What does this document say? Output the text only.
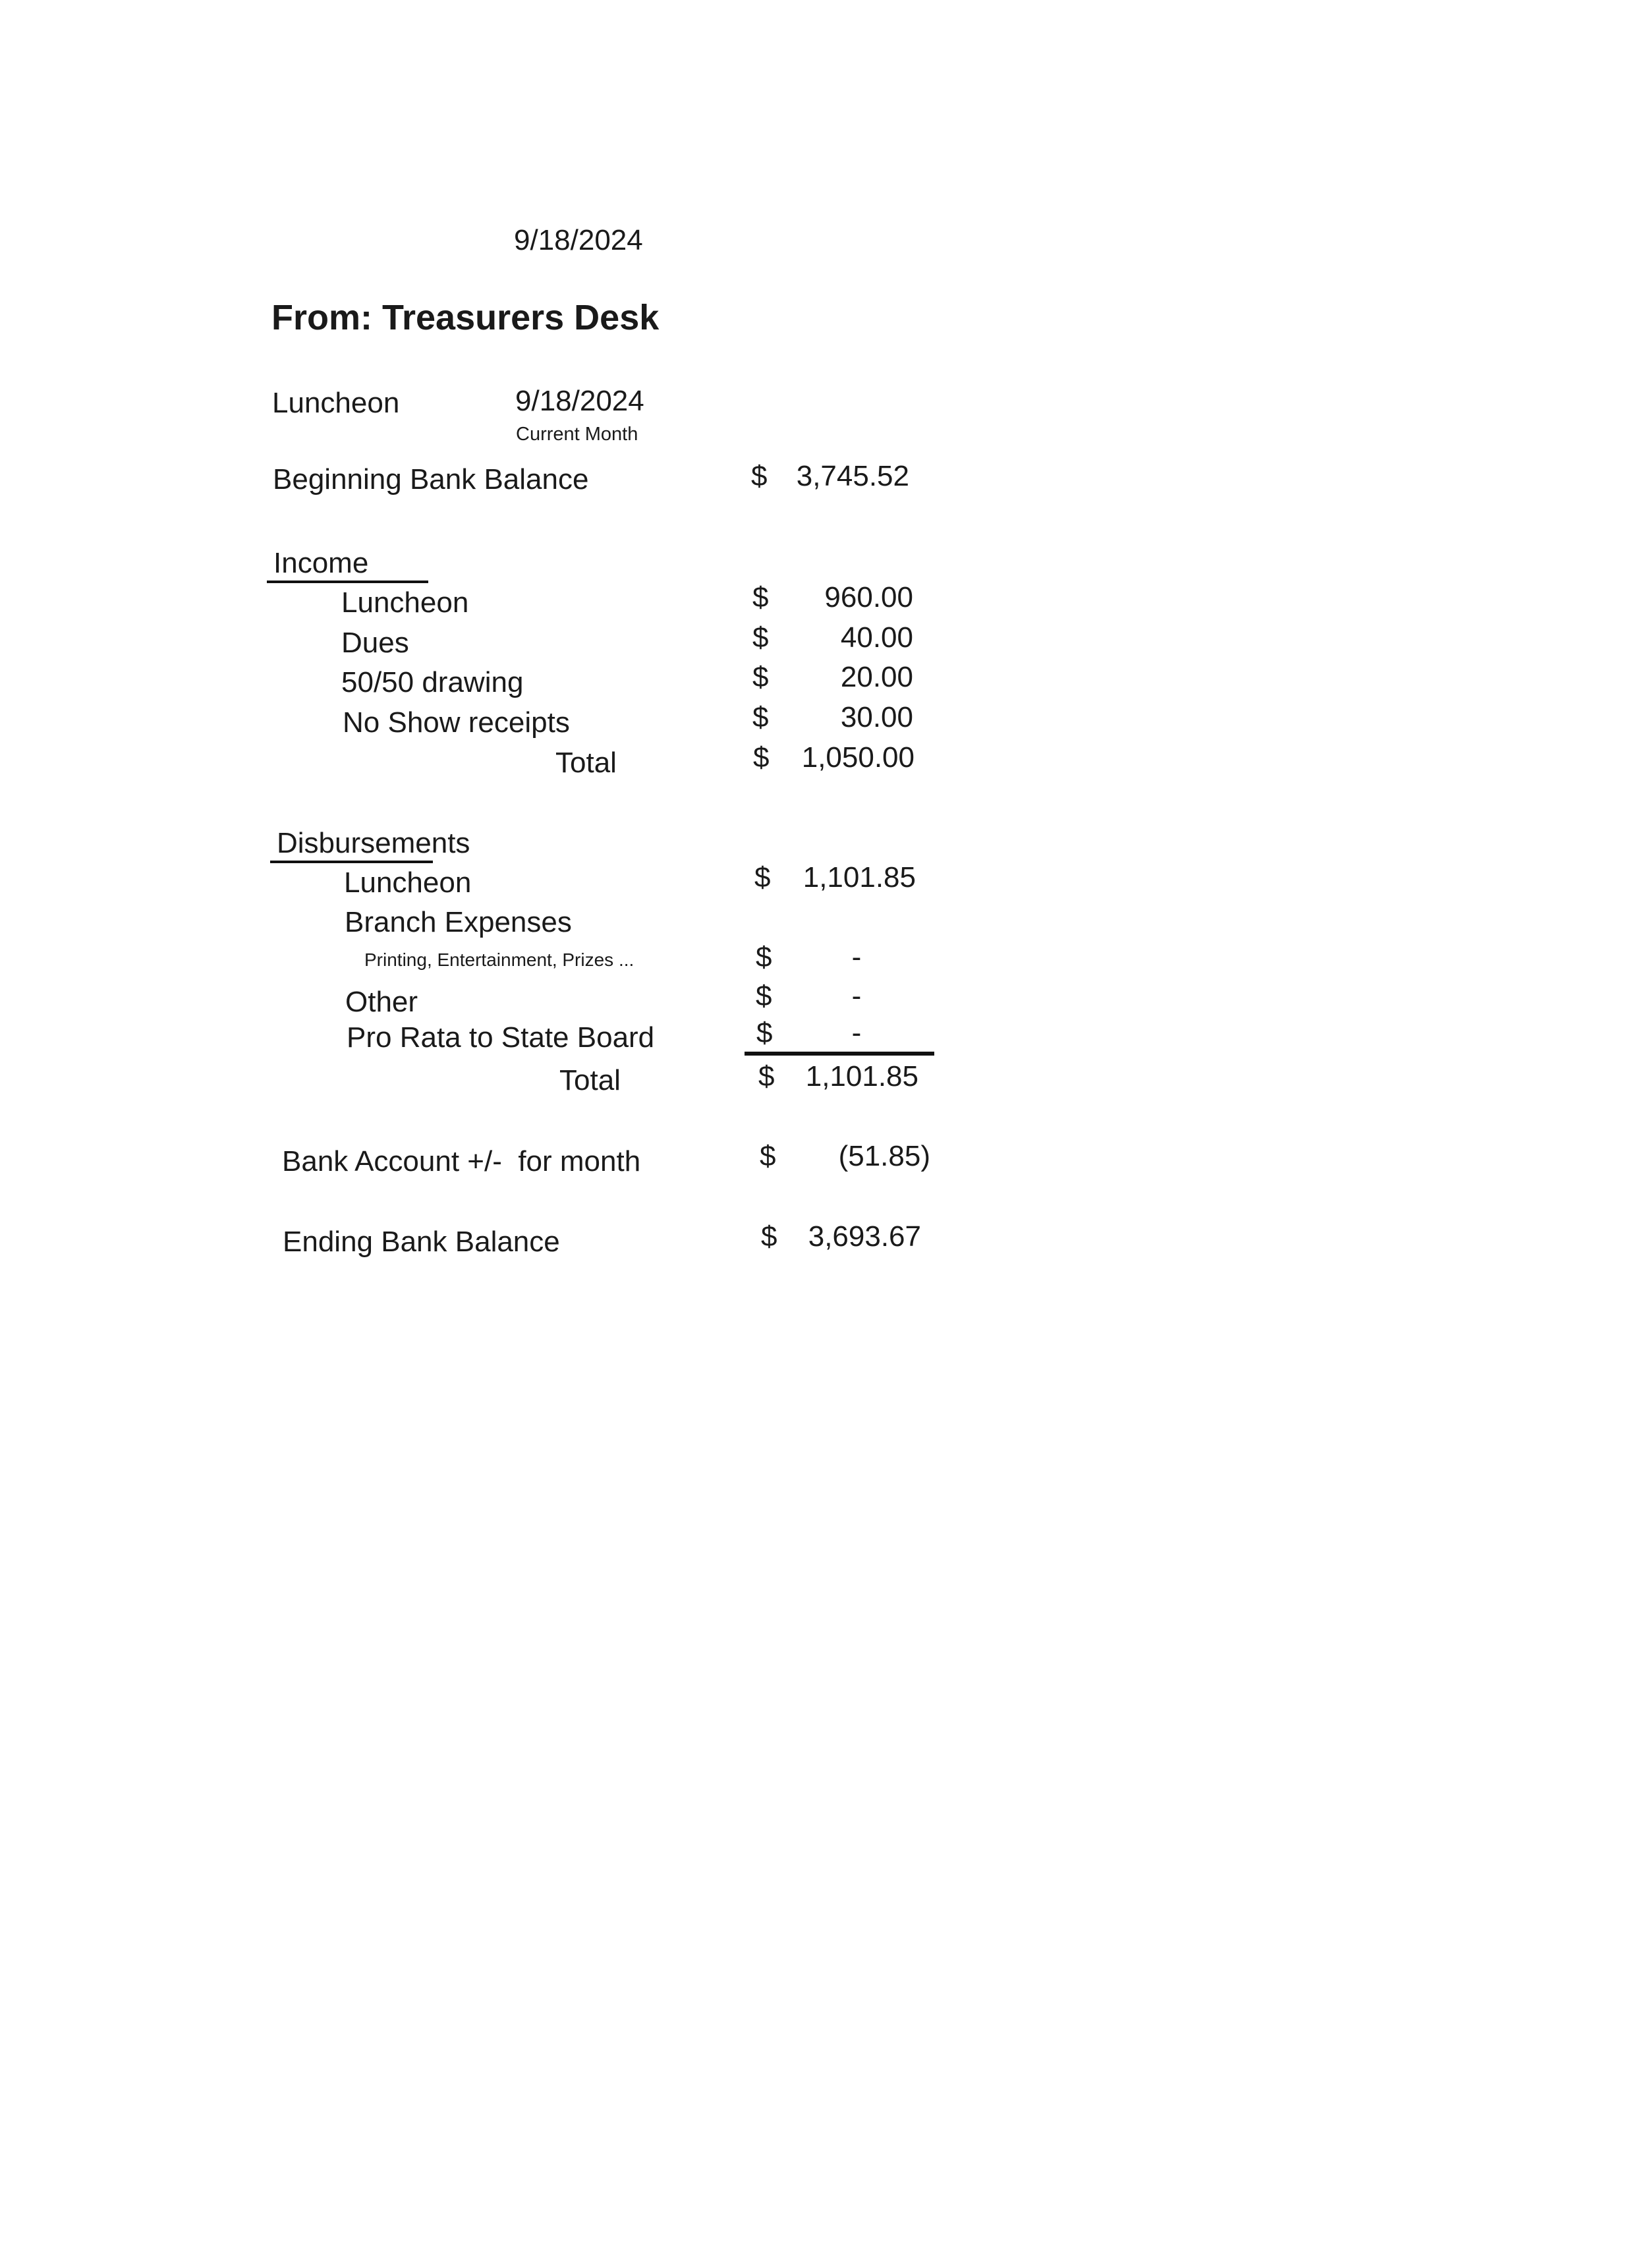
9/18/2024
From: Treasurers Desk
Luncheon	9/18/2024
Current Month
Beginning Bank Balance	$	3,745.52
Income
Luncheon	$	960.00
Dues	$	40.00
50/50 drawing	$	20.00
No Show receipts	$	30.00
Total	$	1,050.00
Disbursements
Luncheon	$	1,101.85
Branch Expenses
Printing, Entertainment, Prizes ...	$	-
Other	$	-
Pro Rata to State Board	$	-
Total	$	1,101.85
Bank Account +/-  for month	$	(51.85)
Ending Bank Balance	$	3,693.67
